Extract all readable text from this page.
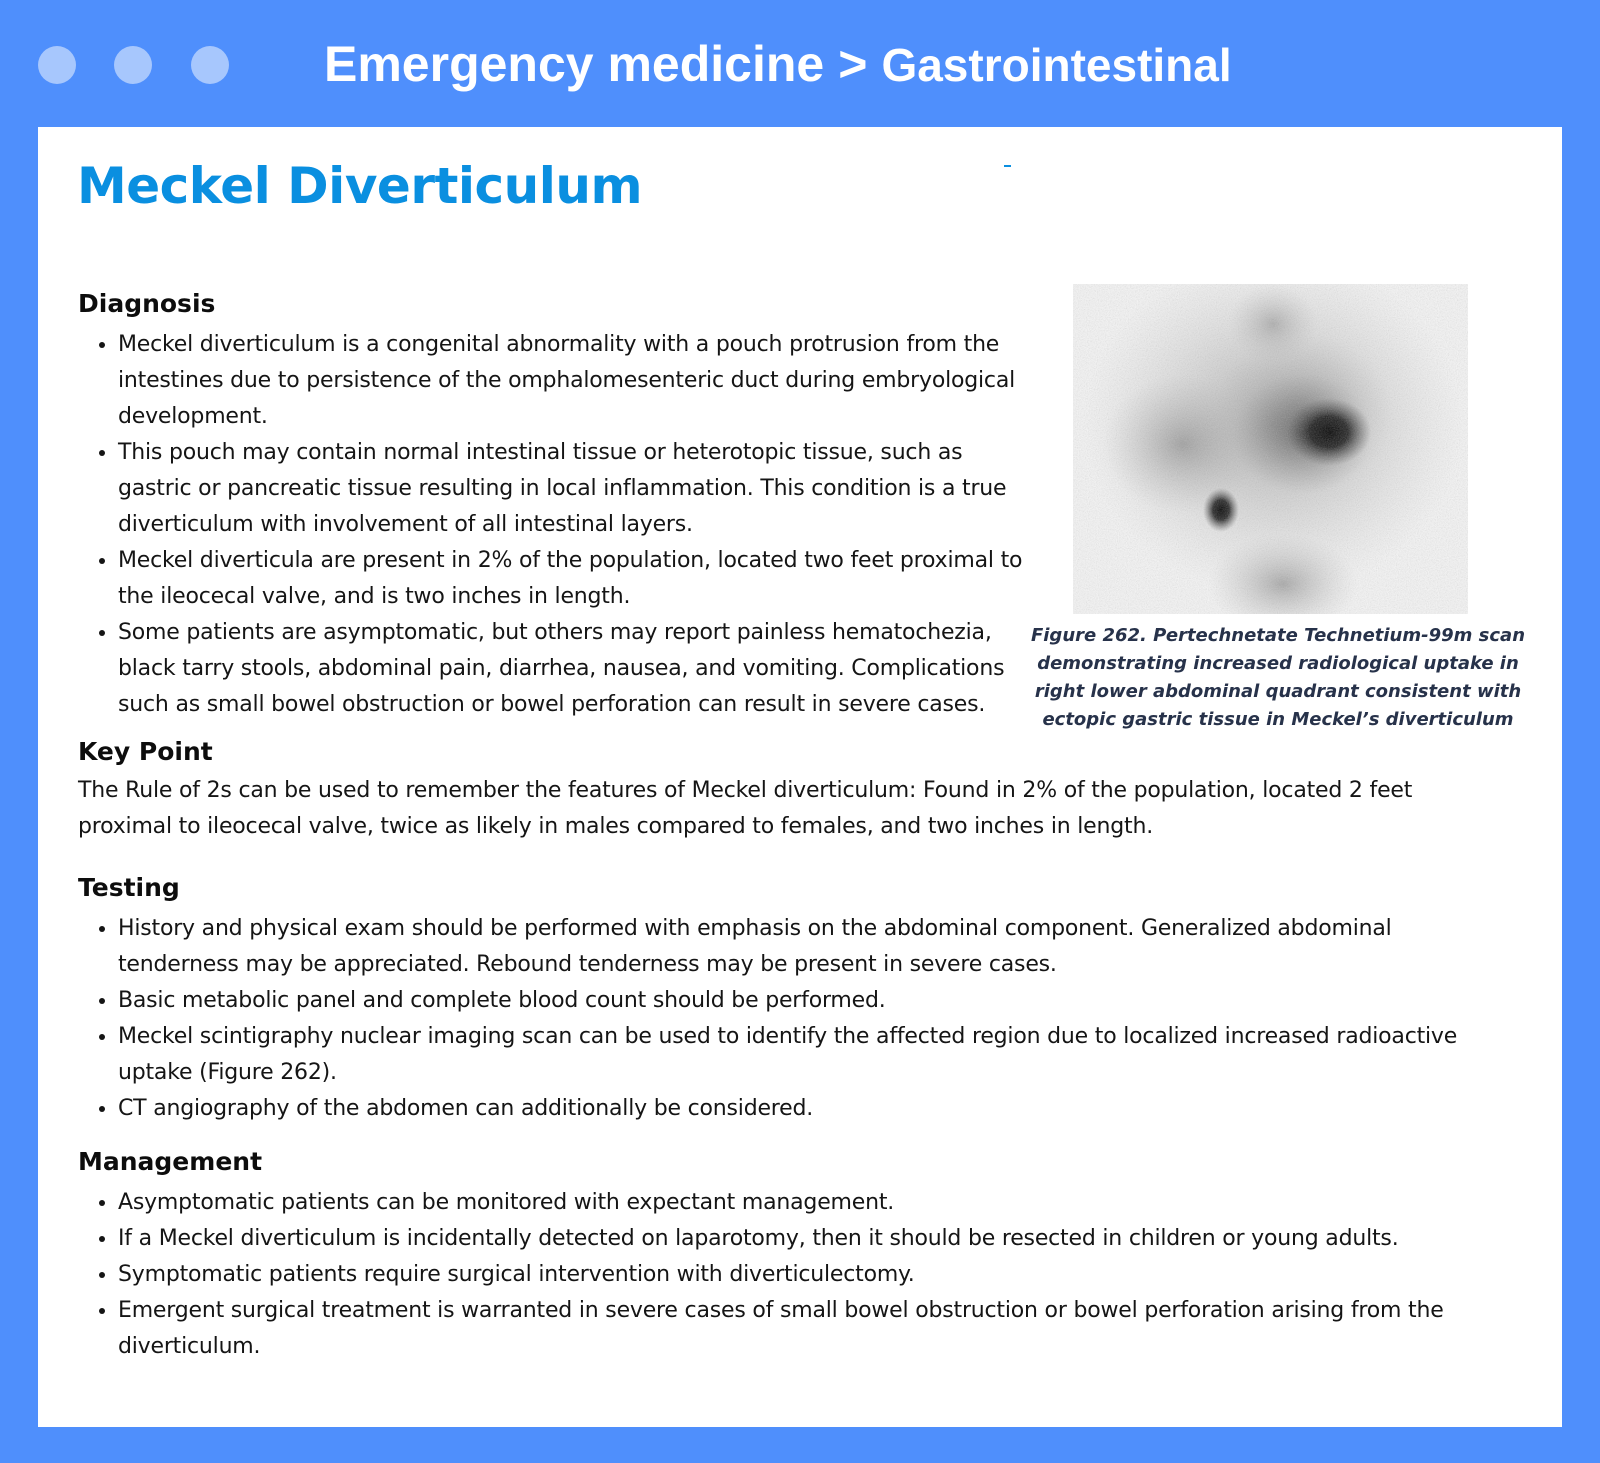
Emergency medicine > Gastrointestinal
Meckel Diverticulum
Diagnosis
• Meckel diverticulum is a congenital abnormality with a pouch protrusion from the intestines due to persistence of the omphalomesenteric duct during embryological development.
• This pouch may contain normal intestinal tissue or heterotopic tissue, such as gastric or pancreatic tissue resulting in local inflammation. This condition is a true diverticulum with involvement of all intestinal layers.
• Meckel diverticula are present in 2% of the population, located two feet proximal to the ileocecal valve, and is two inches in length.
• Some patients are asymptomatic, but others may report painless hematochezia, black tarry stools, abdominal pain, diarrhea, nausea, and vomiting. Complications such as small bowel obstruction or bowel perforation can result in severe cases.
Figure 262. Pertechnetate Technetium-99m scan demonstrating increased radiological uptake in right lower abdominal quadrant consistent with ectopic gastric tissue in Meckel’s diverticulum
Key Point

The Rule of 2s can be used to remember the features of Meckel diverticulum: Found in 2% of the population, located 2 feet proximal to ileocecal valve, twice as likely in males compared to females, and two inches in length.

Testing
• History and physical exam should be performed with emphasis on the abdominal component. Generalized abdominal tenderness may be appreciated. Rebound tenderness may be present in severe cases.
• Basic metabolic panel and complete blood count should be performed.
• Meckel scintigraphy nuclear imaging scan can be used to identify the affected region due to localized increased radioactive uptake (Figure 262).
• CT angiography of the abdomen can additionally be considered.
Management
• Asymptomatic patients can be monitored with expectant management.
• If a Meckel diverticulum is incidentally detected on laparotomy, then it should be resected in children or young adults.
• Symptomatic patients require surgical intervention with diverticulectomy.
• Emergent surgical treatment is warranted in severe cases of small bowel obstruction or bowel perforation arising from the diverticulum.
